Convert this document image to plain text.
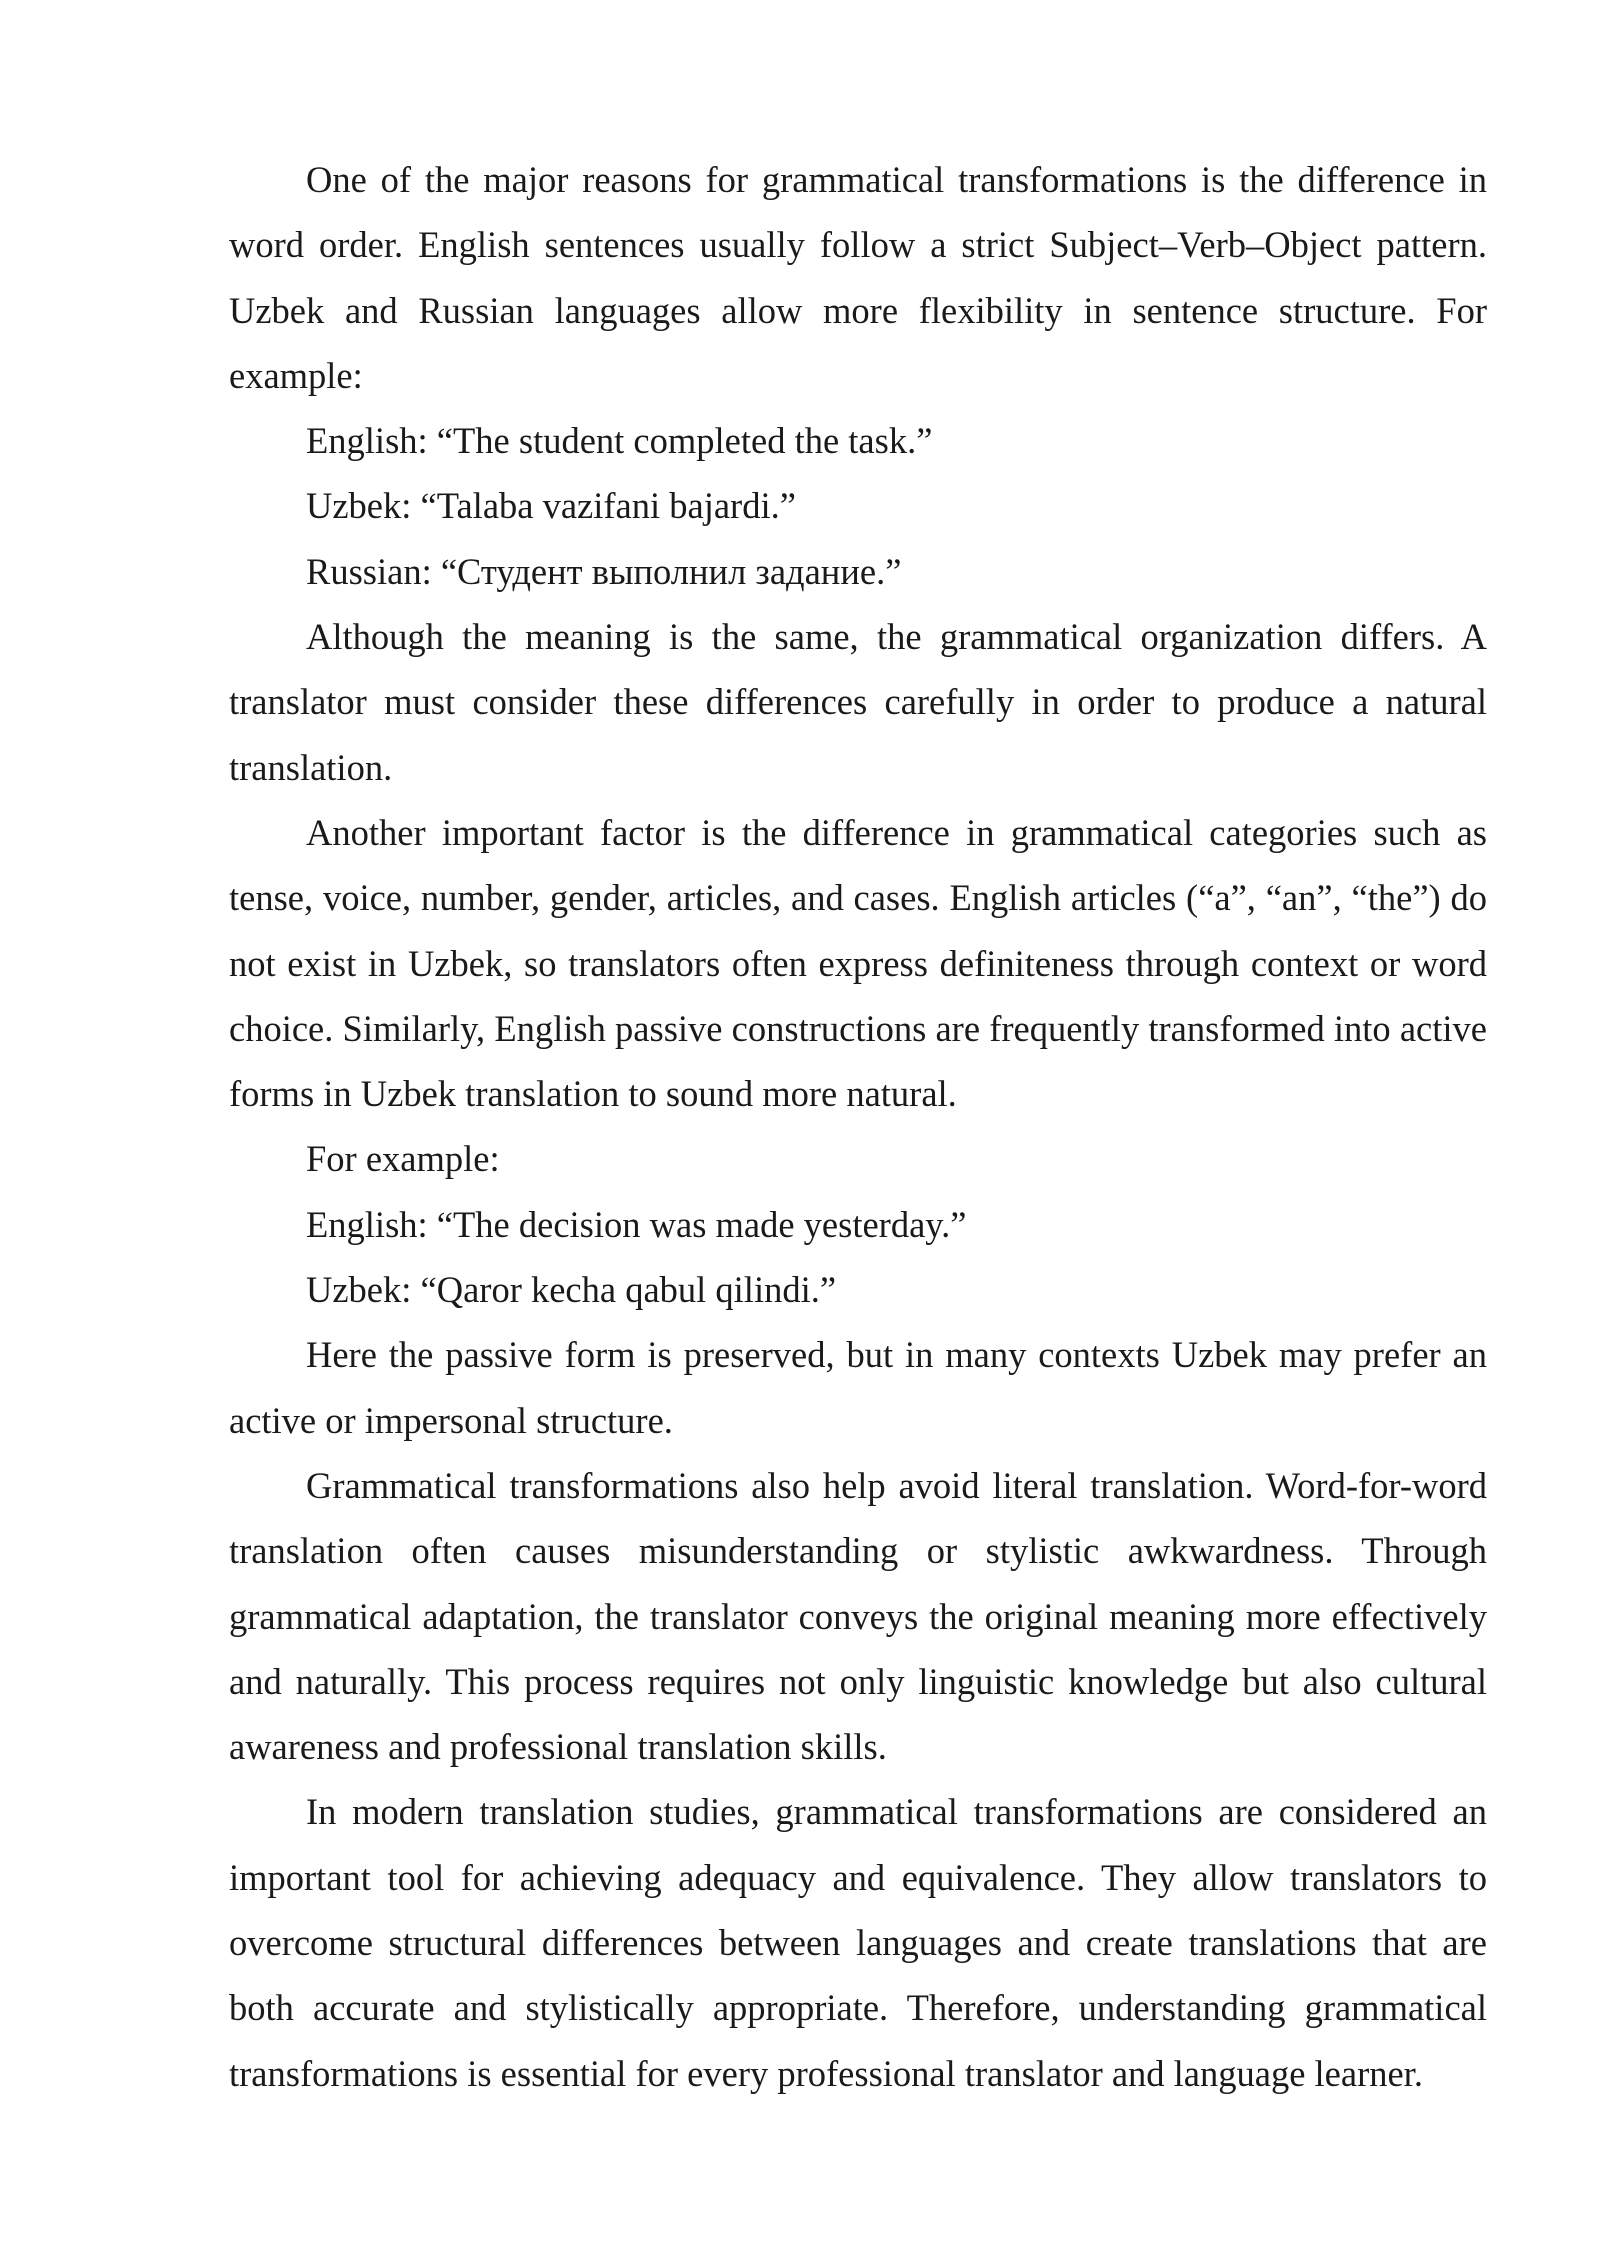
One of the major reasons for grammatical transformations is the difference in word order. English sentences usually follow a strict Subject–Verb–Object pattern. Uzbek and Russian languages allow more flexibility in sentence structure. For example:

English: “The student completed the task.”

Uzbek: “Talaba vazifani bajardi.”

Russian: “Студент выполнил задание.”

Although the meaning is the same, the grammatical organization differs. A translator must consider these differences carefully in order to produce a natural translation.

Another important factor is the difference in grammatical categories such as tense, voice, number, gender, articles, and cases. English articles (“a”, “an”, “the”) do not exist in Uzbek, so translators often express definiteness through context or word choice. Similarly, English passive constructions are frequently transformed into active forms in Uzbek translation to sound more natural.

For example:

English: “The decision was made yesterday.”

Uzbek: “Qaror kecha qabul qilindi.”

Here the passive form is preserved, but in many contexts Uzbek may prefer an active or impersonal structure.

Grammatical transformations also help avoid literal translation. Word-for-word translation often causes misunderstanding or stylistic awkwardness. Through grammatical adaptation, the translator conveys the original meaning more effectively and naturally. This process requires not only linguistic knowledge but also cultural awareness and professional translation skills.

In modern translation studies, grammatical transformations are considered an important tool for achieving adequacy and equivalence. They allow translators to overcome structural differences between languages and create translations that are both accurate and stylistically appropriate. Therefore, understanding grammatical transformations is essential for every professional translator and language learner.
